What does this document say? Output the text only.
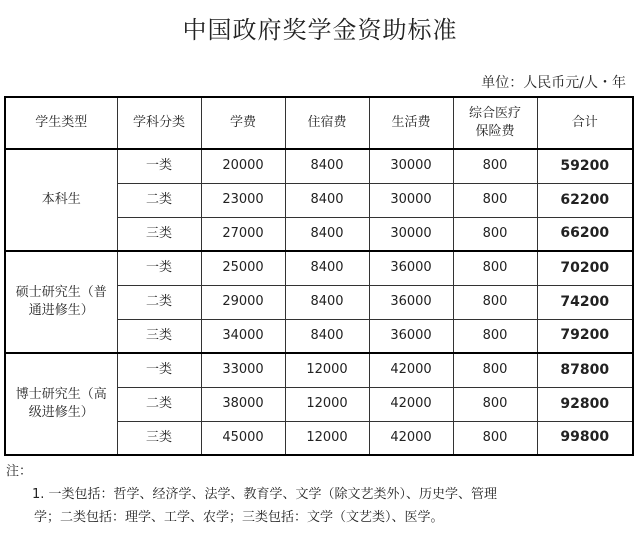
中国政府奖学金资助标准
单位：人民币元/人・年
学生类型	学科分类	学费	住宿费	生活费	综合医疗保险费	合计
本科生	一类	20000	8400	30000	800	59200
	二类	23000	8400	30000	800	62200
	三类	27000	8400	30000	800	66200
硕士研究生（普通进修生）	一类	25000	8400	36000	800	70200
	二类	29000	8400	36000	800	74200
	三类	34000	8400	36000	800	79200
博士研究生（高级进修生）	一类	33000	12000	42000	800	87800
	二类	38000	12000	42000	800	92800
	三类	45000	12000	42000	800	99800
注：
1. 一类包括：哲学、经济学、法学、教育学、文学（除文艺类外）、历史学、管理
学；二类包括：理学、工学、农学；三类包括：文学（文艺类）、医学。
